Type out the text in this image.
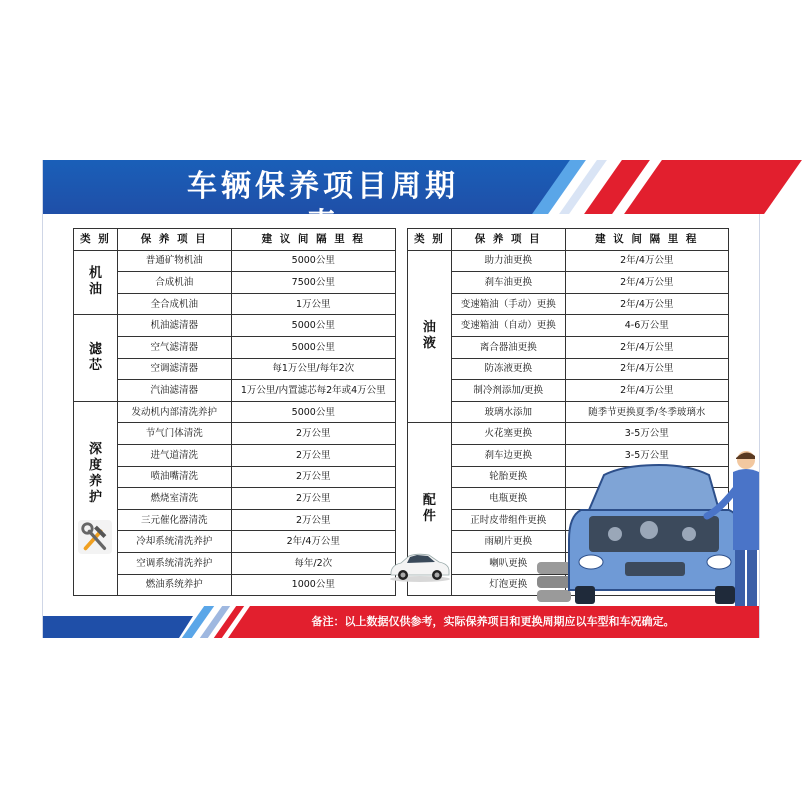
车辆保养项目周期表
类 别	保 养 项 目	建 议 间 隔 里 程

机
油	普通矿物机油	5000公里
	合成机油	7500公里
	全合成机油	1万公里

滤
芯	机油滤清器	5000公里
	空气滤清器	5000公里
	空调滤清器	每1万公里/每年2次
	汽油滤清器	1万公里/内置滤芯每2年或4万公里

深
度
养
护	发动机内部清洗养护	5000公里
	节气门体清洗	2万公里
	进气道清洗	2万公里
	喷油嘴清洗	2万公里
	燃烧室清洗	2万公里
	三元催化器清洗	2万公里
	冷却系统清洗养护	2年/4万公里
	空调系统清洗养护	每年/2次
	燃油系统养护	1000公里
类 别	保 养 项 目	建 议 间 隔 里 程

油
液	助力油更换	2年/4万公里
	刹车油更换	2年/4万公里
	变速箱油（手动）更换	2年/4万公里
	变速箱油（自动）更换	4-6万公里
	离合器油更换	2年/4万公里
	防冻液更换	2年/4万公里
	制冷剂添加/更换	2年/4万公里
	玻璃水添加	随季节更换夏季/冬季玻璃水

配
件	火花塞更换	3-5万公里
	刹车边更换	3-5万公里
	轮胎更换	
	电瓶更换	
	正时皮带组件更换	
	雨刷片更换	
	喇叭更换	
	灯泡更换	
备注：以上数据仅供参考，实际保养项目和更换周期应以车型和车况确定。
